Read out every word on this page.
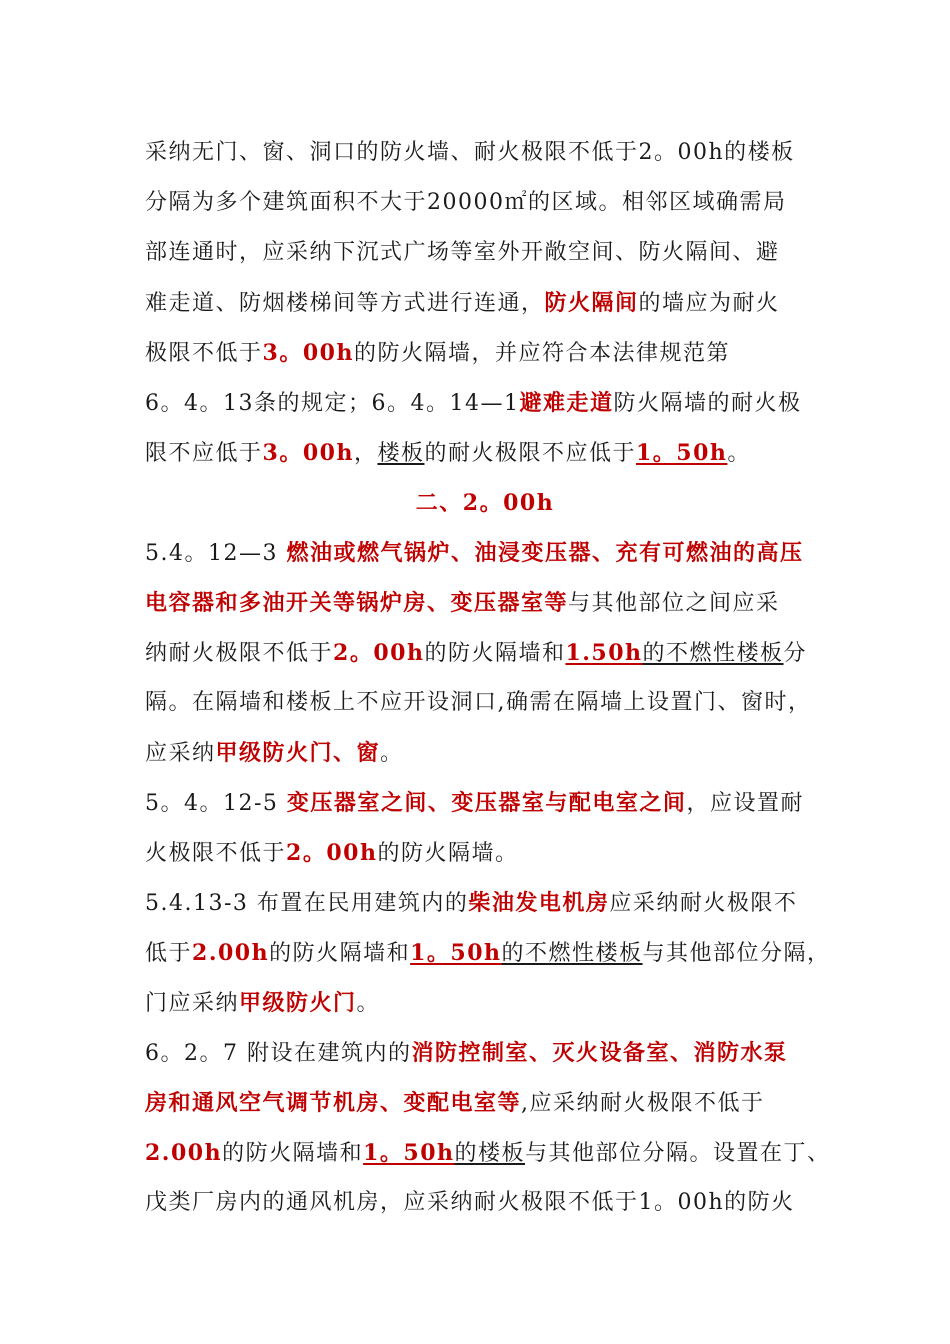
采纳无门、窗、洞口的防火墙、耐火极限不低于2。00h的楼板
分隔为多个建筑面积不大于20000㎡的区域。相邻区域确需局
部连通时，应采纳下沉式广场等室外开敞空间、防火隔间、避
难走道、防烟楼梯间等方式进行连通，防火隔间的墙应为耐火
极限不低于3。00h的防火隔墙，并应符合本法律规范第
6。4。13条的规定；6。4。14—1避难走道防火隔墙的耐火极
限不应低于3。00h，楼板的耐火极限不应低于1。50h。
二、2。00h
5.4。12—3 燃油或燃气锅炉、油浸变压器、充有可燃油的高压
电容器和多油开关等锅炉房、变压器室等与其他部位之间应采
纳耐火极限不低于2。00h的防火隔墙和1.50h的不燃性楼板分
隔。在隔墙和楼板上不应开设洞口,确需在隔墙上设置门、窗时，
应采纳甲级防火门、窗。
5。4。12-5 变压器室之间、变压器室与配电室之间，应设置耐
火极限不低于2。00h的防火隔墙。
5.4.13-3 布置在民用建筑内的柴油发电机房应采纳耐火极限不
低于2.00h的防火隔墙和1。50h的不燃性楼板与其他部位分隔，
门应采纳甲级防火门。
6。2。7 附设在建筑内的消防控制室、灭火设备室、消防水泵
房和通风空气调节机房、变配电室等,应采纳耐火极限不低于
2.00h的防火隔墙和1。50h的楼板与其他部位分隔。设置在丁、
戊类厂房内的通风机房，应采纳耐火极限不低于1。00h的防火
